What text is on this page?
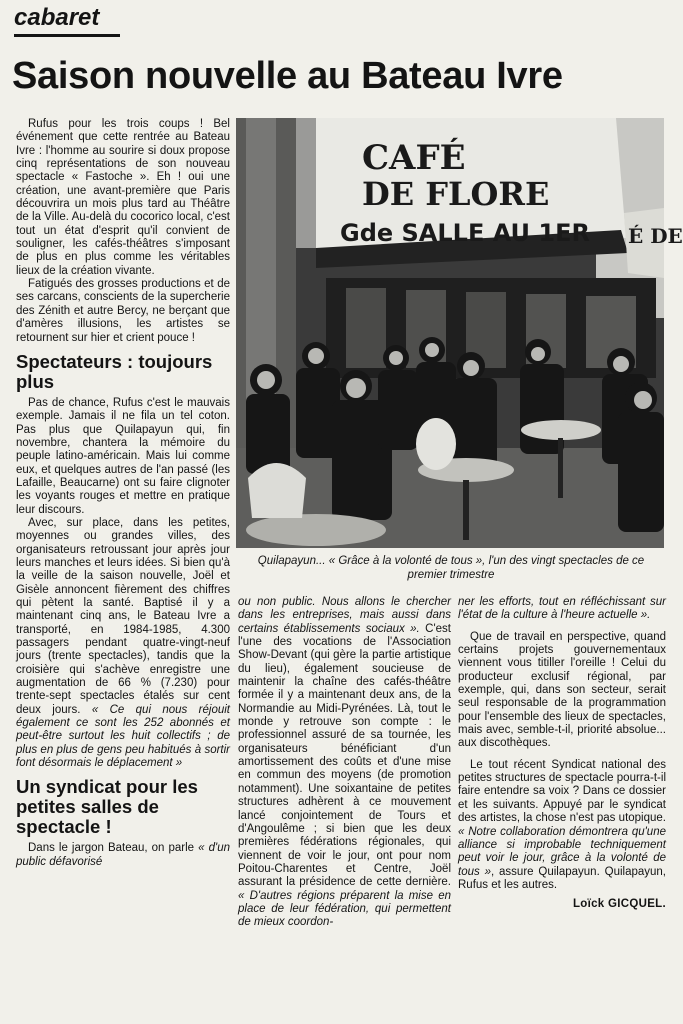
cabaret
Saison nouvelle au Bateau Ivre

Rufus pour les trois coups ! Bel événement que cette rentrée au Bateau Ivre : l'homme au sourire si doux propose cinq représentations de son nouveau spectacle « Fastoche ». Eh ! oui une création, une avant-première que Paris découvrira un mois plus tard au Théâtre de la Ville. Au-delà du cocorico local, c'est tout un état d'esprit qu'il convient de souligner, les cafés-théâtres s'imposant de plus en plus comme les véritables lieux de la création vivante.

Fatigués des grosses productions et de ses carcans, conscients de la supercherie des Zénith et autre Bercy, ne berçant que d'amères illusions, les artistes se retournent sur hier et crient pouce !

Spectateurs : toujours plus

Pas de chance, Rufus c'est le mauvais exemple. Jamais il ne fila un tel coton. Pas plus que Quilapayun qui, fin novembre, chantera la mémoire du peuple latino-américain. Mais lui comme eux, et quelques autres de l'an passé (les Lafaille, Beaucarne) ont su faire clignoter les voyants rouges et mettre en pratique leur discours.

Avec, sur place, dans les petites, moyennes ou grandes villes, des organisateurs retroussant jour après jour leurs manches et leurs idées. Si bien qu'à la veille de la saison nouvelle, Joël et Gisèle annoncent fièrement des chiffres qui pètent la santé. Baptisé il y a maintenant cinq ans, le Bateau Ivre a transporté, en 1984-1985, 4.300 passagers pendant quatre-vingt-neuf jours (trente spectacles), tandis que la croisière qui s'achève enregistre une augmentation de 66 % (7.230) pour trente-sept spectacles étalés sur cent deux jours. « Ce qui nous réjouit également ce sont les 252 abonnés et peut-être surtout les huit collectifs ; de plus en plus de gens peu habitués à sortir font désormais le déplacement »

Un syndicat pour les petites salles de spectacle !

Dans le jargon Bateau, on parle « d'un public défavorisé

CAFÉ
DE FLORE
Gde SALLE AU 1ER	É DE
Quilapayun... « Grâce à la volonté de tous », l'un des vingt spectacles de ce premier trimestre

ou non public. Nous allons le chercher dans les entreprises, mais aussi dans certains établissements sociaux ». C'est l'une des vocations de l'Association Show-Devant (qui gère la partie artistique du lieu), également soucieuse de maintenir la chaîne des cafés-théâtre formée il y a maintenant deux ans, de la Normandie au Midi-Pyrénées. Là, tout le monde y retrouve son compte : le professionnel assuré de sa tournée, les organisateurs bénéficiant d'un amortissement des coûts et d'une mise en commun des moyens (de promotion notamment). Une soixantaine de petites structures adhèrent à ce mouvement lancé conjointement de Tours et d'Angoulême ; si bien que les deux premières fédérations régionales, qui viennent de voir le jour, ont pour nom Poitou-Charentes et Centre, Joël assurant la présidence de cette dernière. « D'autres régions préparent la mise en place de leur fédération, qui permettent de mieux coordon-

ner les efforts, tout en réfléchissant sur l'état de la culture à l'heure actuelle ».

Que de travail en perspective, quand certains projets gouvernementaux viennent vous titiller l'oreille ! Celui du producteur exclusif régional, par exemple, qui, dans son secteur, serait seul responsable de la programmation pour l'ensemble des lieux de spectacles, mais avec, semble-t-il, priorité absolue... aux discothèques.

Le tout récent Syndicat national des petites structures de spectacle pourra-t-il faire entendre sa voix ? Dans ce dossier et les suivants. Appuyé par le syndicat des artistes, la chose n'est pas utopique. « Notre collaboration démontrera qu'une alliance si improbable techniquement peut voir le jour, grâce à la volonté de tous », assure Quilapayun. Quilapayun, Rufus et les autres.

Loïck GICQUEL.
